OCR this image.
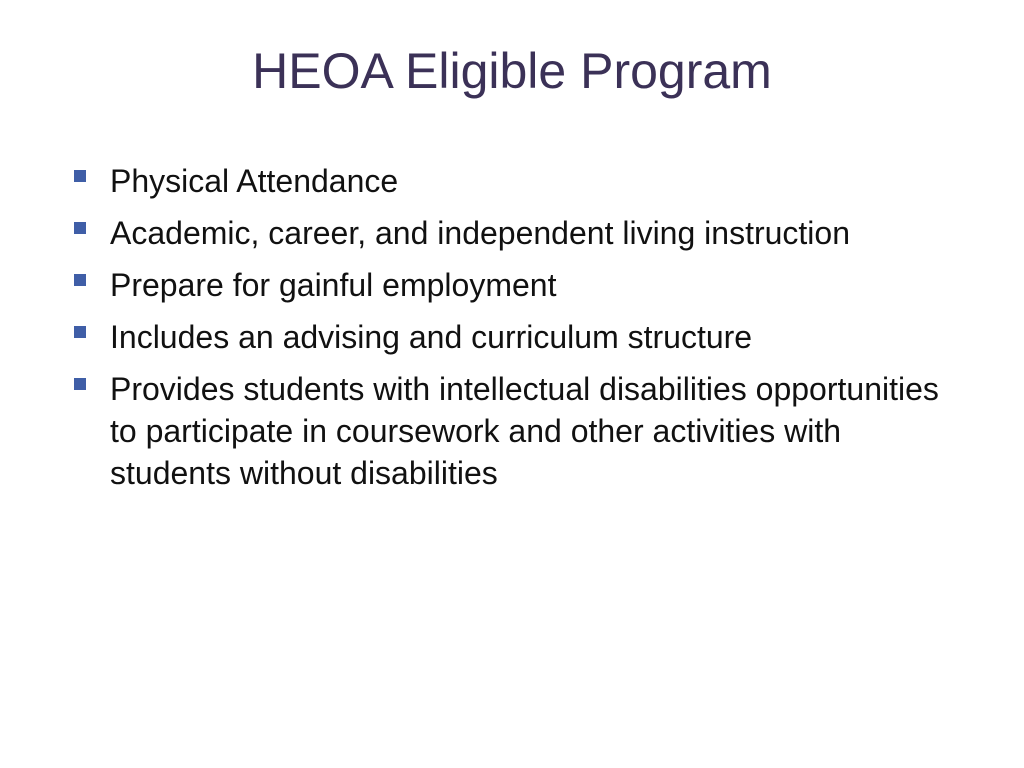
HEOA Eligible Program
Physical Attendance
Academic, career, and independent living instruction
Prepare for gainful employment
Includes an advising and curriculum structure
Provides students with intellectual disabilities opportunities to participate in coursework and other activities with students without disabilities
